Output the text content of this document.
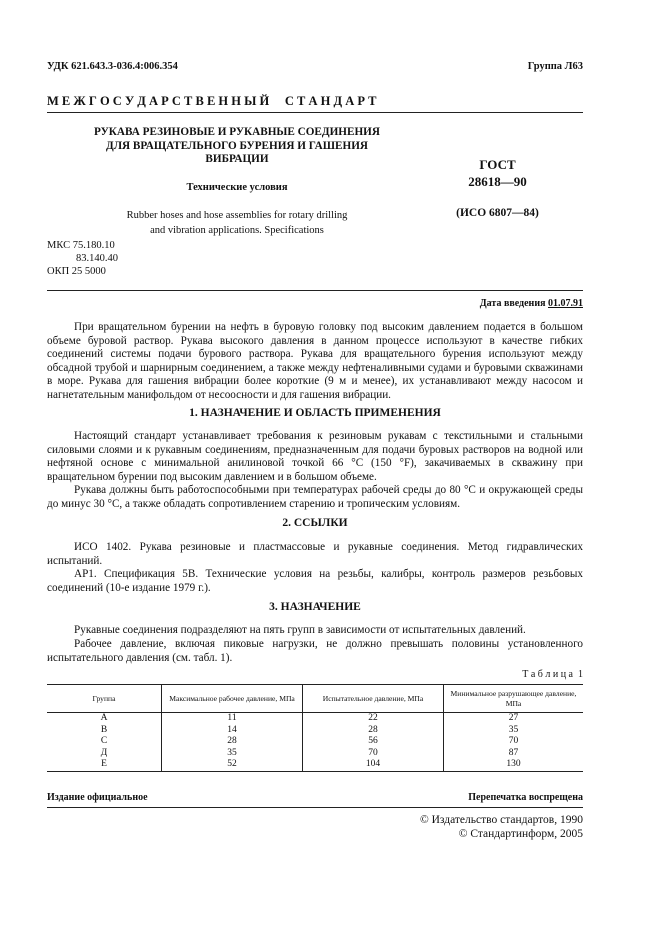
УДК 621.643.3-036.4:006.354	Группа Л63
М Е Ж Г О С У Д А Р С Т В Е Н Н Ы Й     С Т А Н Д А Р Т
РУКАВА РЕЗИНОВЫЕ И РУКАВНЫЕ СОЕДИНЕНИЯ
ДЛЯ ВРАЩАТЕЛЬНОГО БУРЕНИЯ И ГАШЕНИЯ
ВИБРАЦИИ
Технические условия
Rubber hoses and hose assemblies for rotary drilling
and vibration applications. Specifications
ГОСТ
28618—90
(ИСО 6807—84)
МКС 75.180.10
83.140.40
ОКП 25 5000
Дата введения 01.07.91
При вращательном бурении на нефть в буровую головку под высоким давлением подается в большом объеме буровой раствор. Рукава высокого давления в данном процессе используют в качестве гибких соединений системы подачи бурового раствора. Рукава для вращательного бурения используют между обсадной трубой и шарнирным соединением, а также между нефтеналивными судами и буровыми скважинами в море. Рукава для гашения вибрации более короткие (9 м и менее), их устанавливают между насосом и нагнетательным манифольдом от несоосности и для гашения вибрации.
1. НАЗНАЧЕНИЕ И ОБЛАСТЬ ПРИМЕНЕНИЯ
Настоящий стандарт устанавливает требования к резиновым рукавам с текстильными и стальными силовыми слоями и к рукавным соединениям, предназначенным для подачи буровых растворов на водной или нефтяной основе с минимальной анилиновой точкой 66 °С (150 °F), закачиваемых в скважину при вращательном бурении под высоким давлением и в большом объеме.
Рукава должны быть работоспособными при температурах рабочей среды до 80 °С и окружающей среды до минус 30 °С, а также обладать сопротивлением старению и тропическим условиям.
2. ССЫЛКИ
ИСО 1402. Рукава резиновые и пластмассовые и рукавные соединения. Метод гидравлических испытаний.
АР1. Спецификация 5В. Технические условия на резьбы, калибры, контроль размеров резьбовых соединений (10-е издание 1979 г.).
3. НАЗНАЧЕНИЕ
Рукавные соединения подразделяют на пять групп в зависимости от испытательных давлений.
Рабочее давление, включая пиковые нагрузки, не должно превышать половины установленного испытательного давления (см. табл. 1).
Т а б л и ц а  1
Группа	Максимальное рабочее давление, МПа	Испытательное давление, МПа	Минимальное разрушающее давление, МПа
А	11	22	27
В	14	28	35
С	28	56	70
Д	35	70	87
Е	52	104	130
Издание официальное	Перепечатка воспрещена
© Издательство стандартов, 1990
© Стандартинформ, 2005
